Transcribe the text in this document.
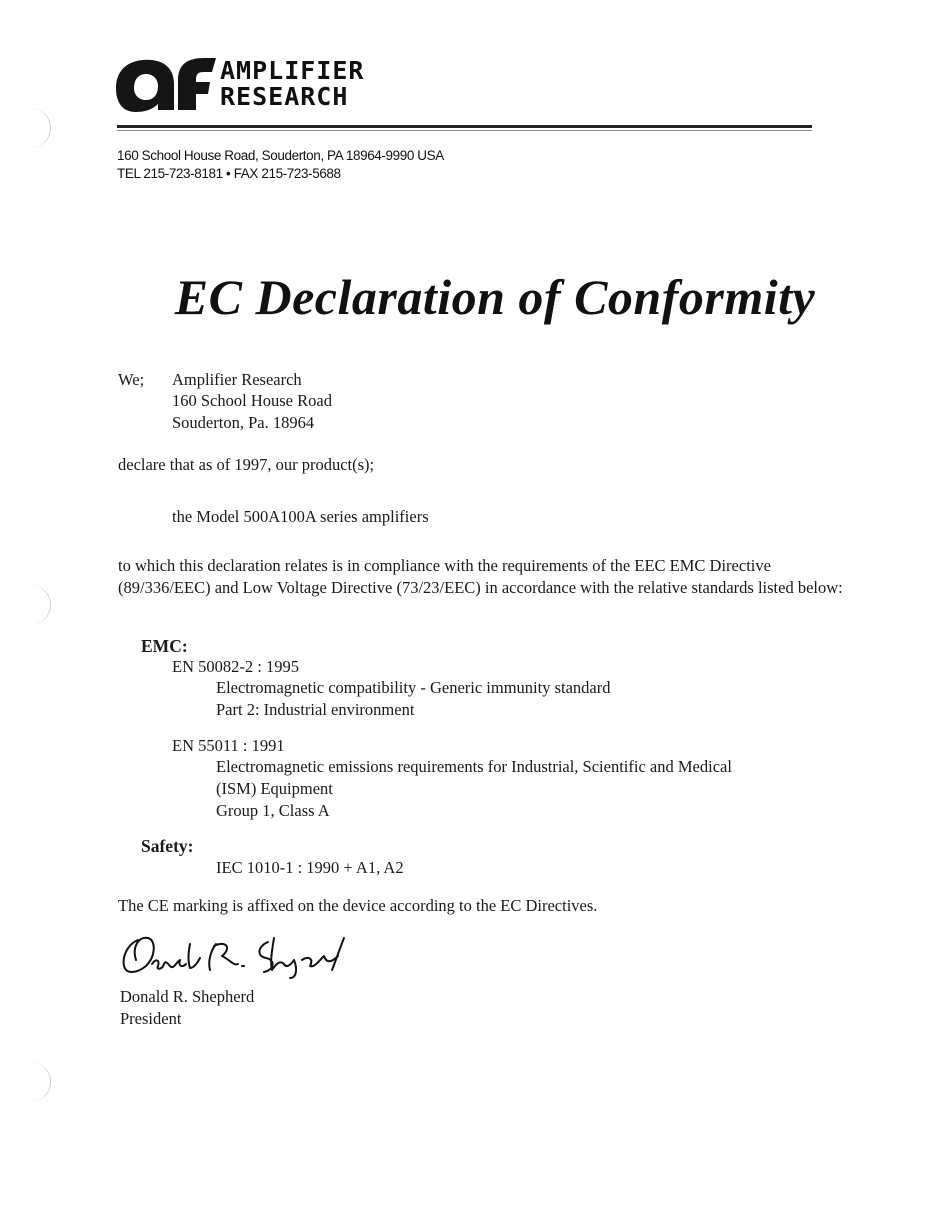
AMPLIFIER
RESEARCH
160 School House Road, Souderton, PA 18964-9990 USA
TEL 215-723-8181 • FAX 215-723-5688
EC Declaration of Conformity
We; Amplifier Research
160 School House Road
Souderton, Pa. 18964
declare that as of 1997, our product(s);
the Model 500A100A series amplifiers
to which this declaration relates is in compliance with the requirements of the EEC EMC Directive (89/336/EEC) and Low Voltage Directive (73/23/EEC) in accordance with the relative standards listed below:
EMC:
EN 50082-2 : 1995
Electromagnetic compatibility - Generic immunity standard
Part 2: Industrial environment
EN 55011 : 1991
Electromagnetic emissions requirements for Industrial, Scientific and Medical
(ISM) Equipment
Group 1, Class A
Safety:
IEC 1010-1 : 1990 + A1, A2
The CE marking is affixed on the device according to the EC Directives.
Donald R. Shepherd
President
